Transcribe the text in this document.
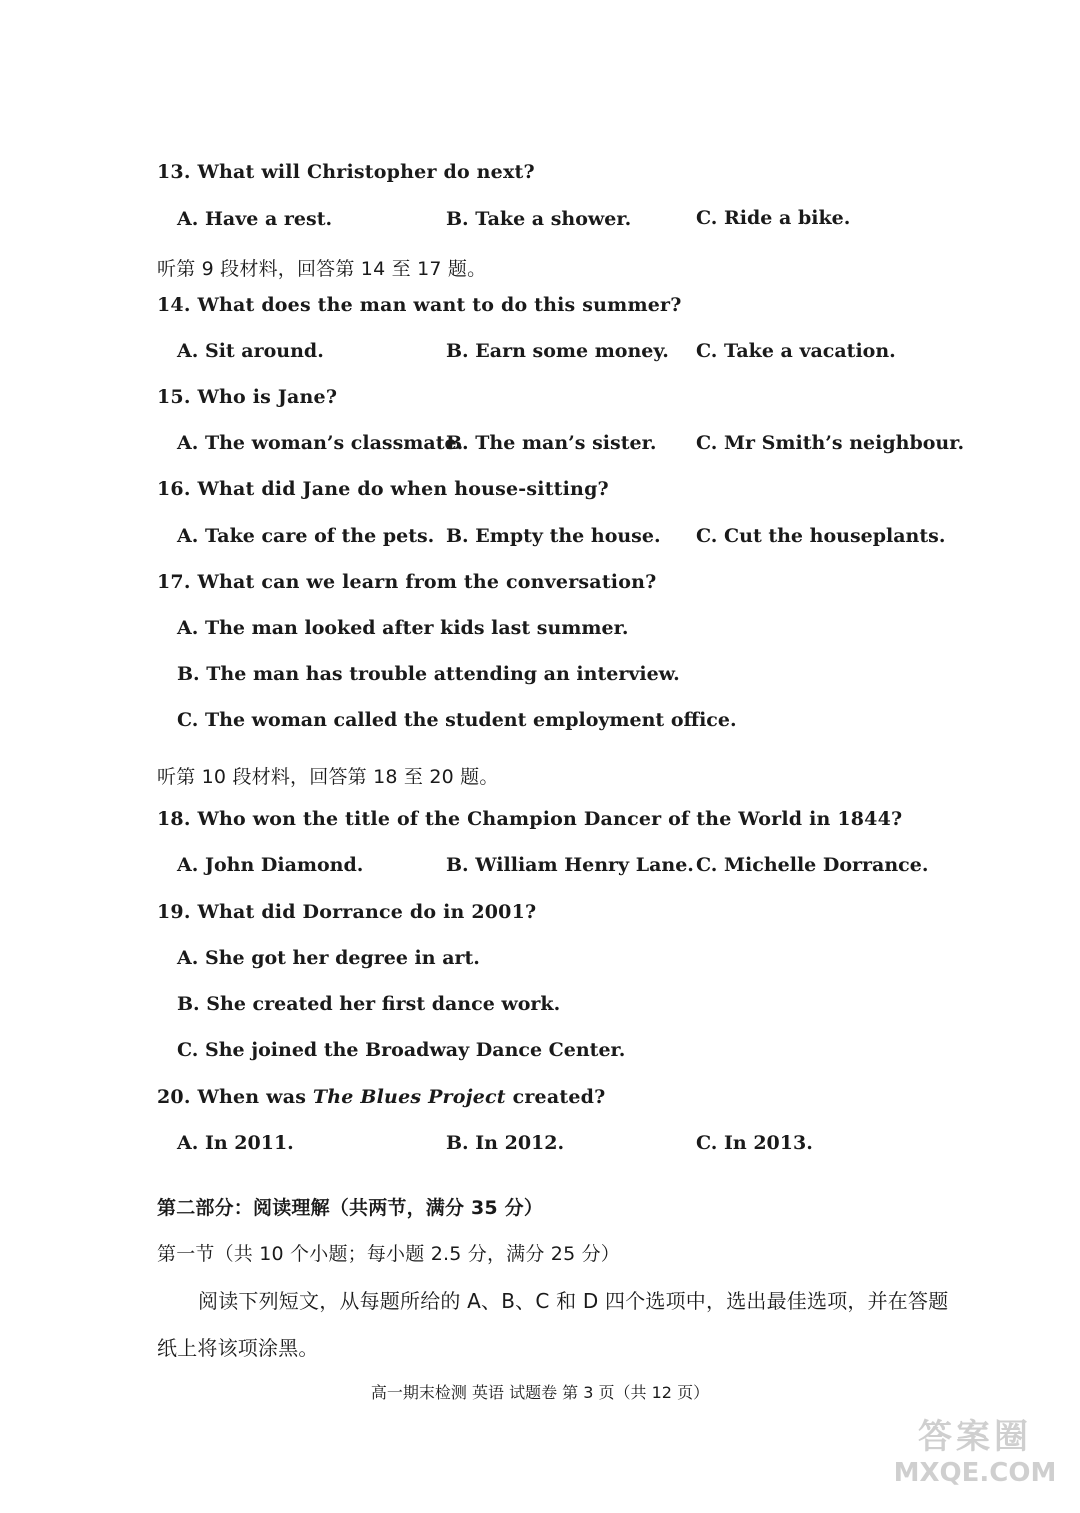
13. What will Christopher do next?
A. Have a rest.	B. Take a shower.	C. Ride a bike.
听第 9 段材料，回答第 14 至 17 题。
14. What does the man want to do this summer?
A. Sit around.	B. Earn some money. C. Take a vacation.
15. Who is Jane?
A. The woman’s classmate.
B. The man’s sister. C. Mr Smith’s neighbour.
16. What did Jane do when house-sitting?
A. Take care of the pets. B. Empty the house. C. Cut the houseplants.
17. What can we learn from the conversation?
A. The man looked after kids last summer.
B. The man has trouble attending an interview.
C. The woman called the student employment office.
听第 10 段材料，回答第 18 至 20 题。
18. Who won the title of the Champion Dancer of the World in 1844?
A. John Diamond.	B. William Henry Lane. C. Michelle Dorrance.
19. What did Dorrance do in 2001?
A. She got her degree in art.
B. She created her first dance work.
C. She joined the Broadway Dance Center.
20. When was The Blues Project created?
A. In 2011.	B. In 2012.	C. In 2013.
第二部分：阅读理解（共两节，满分 35 分）
第一节（共 10 个小题；每小题 2.5 分，满分 25 分）
阅读下列短文，从每题所给的 A、B、C 和 D 四个选项中，选出最佳选项，并在答题
纸上将该项涂黑。
高一期末检测 英语 试题卷 第 3 页（共 12 页）
答案圈
MXQE.COM
